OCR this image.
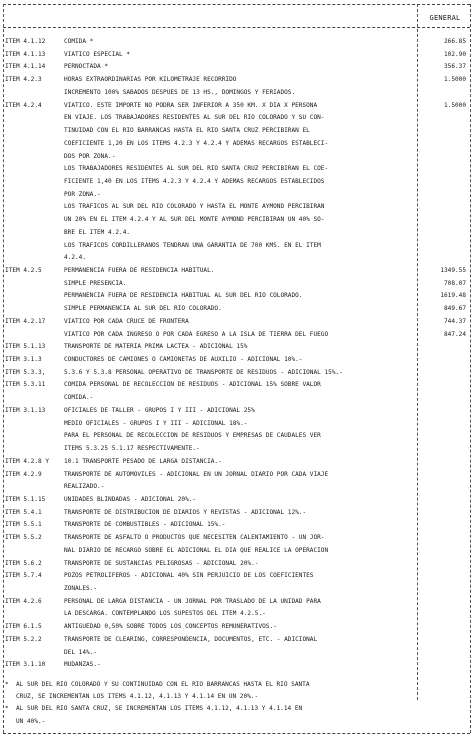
GENERAL
ITEM 4.1.12	COMIDA *	266.85
ITEM 4.1.13	VIATICO ESPECIAL *	102.90
ITEM 4.1.14	PERNOCTADA *	356.37
ITEM 4.2.3	HORAS EXTRAORDINARIAS POR KILOMETRAJE RECORRIDO	1.5000
INCREMENTO 100% SABADOS DESPUES DE 13 HS., DOMINGOS Y FERIADOS.
ITEM 4.2.4	VIATICO. ESTE IMPORTE NO PODRA SER INFERIOR A 350 KM. X DIA X PERSONA	1.5000
EN VIAJE. LOS TRABAJADORES RESIDENTES AL SUR DEL RIO COLORADO Y SU CON-
TINUIDAD CON EL RIO BARRANCAS HASTA EL RIO SANTA CRUZ PERCIBIRAN EL
COEFICIENTE 1,20 EN LOS ITEMS 4.2.3 Y 4.2.4 Y ADEMAS RECARGOS ESTABLECI-
DOS POR ZONA.-
LOS TRABAJADORES RESIDENTES AL SUR DEL RIO SANTA CRUZ PERCIBIRAN EL COE-
FICIENTE 1,40 EN LOS ITEMS 4.2.3 Y 4.2.4 Y ADEMAS RECARGOS ESTABLECIDOS
POR ZONA.-
LOS TRAFICOS AL SUR DEL RIO COLORADO Y HASTA EL MONTE AYMOND PERCIBIRAN
UN 20% EN EL ITEM 4.2.4 Y AL SUR DEL MONTE AYMOND PERCIBIRAN UN 40% SO-
BRE EL ITEM 4.2.4.
LOS TRAFICOS CORDILLERANOS TENDRAN UNA GARANTIA DE 700 KMS. EN EL ITEM
4.2.4.
ITEM 4.2.5	PERMANENCIA FUERA DE RESIDENCIA HABITUAL.	1349.55
SIMPLE PRESENCIA.	708.07
PERMANENCIA FUERA DE RESIDENCIA HABITUAL AL SUR DEL RIO COLORADO.	1619.48
SIMPLE PERMANENCIA AL SUR DEL RIO COLORADO.	849.67
ITEM 4.2.17	VIATICO POR CADA CRUCE DE FRONTERA	744.37
VIATICO POR CADA INGRESO O POR CADA EGRESO A LA ISLA DE TIERRA DEL FUEGO	847.24
ITEM 5.1.13	TRANSPORTE DE MATERIA PRIMA LACTEA - ADICIONAL 15%
ITEM 3.1.3	CONDUCTORES DE CAMIONES O CAMIONETAS DE AUXILIO - ADICIONAL 10%.-
ITEM 5.3.3,	5.3.6 Y 5.3.8 PERSONAL OPERATIVO DE TRANSPORTE DE RESIDUOS - ADICIONAL 15%.-
ITEM 5.3.11	COMIDA PERSONAL DE RECOLECCION DE RESIDUOS - ADICIONAL 15% SOBRE VALOR
COMIDA.-
ITEM 3.1.13	OFICIALES DE TALLER - GRUPOS I Y III - ADICIONAL 25%
MEDIO OFICIALES - GRUPOS I Y III - ADICIONAL 18%.-
PARA EL PERSONAL DE RECOLECCION DE RESIDUOS Y EMPRESAS DE CAUDALES VER
ITEMS 5.3.25 5.1.17 RESPECTIVAMENTE.-
ITEM 4.2.8 Y 10.1 TRANSPORTE PESADO DE LARGA DISTANCIA.-
ITEM 4.2.9	TRANSPORTE DE AUTOMOVILES - ADICIONAL EN UN JORNAL DIARIO POR CADA VIAJE
REALIZADO.-
ITEM 5.1.15	UNIDADES BLINDADAS - ADICIONAL 20%.-
ITEM 5.4.1	TRANSPORTE DE DISTRIBUCION DE DIARIOS Y REVISTAS - ADICIONAL 12%.-
ITEM 5.5.1	TRANSPORTE DE COMBUSTIBLES - ADICIONAL 15%.-
ITEM 5.5.2	TRANSPORTE DE ASFALTO O PRODUCTOS QUE NECESITEN CALENTAMIENTO - UN JOR-
NAL DIARIO DE RECARGO SOBRE EL ADICIONAL EL DIA QUE REALICE LA OPERACION
ITEM 5.6.2	TRANSPORTE DE SUSTANCIAS PELIGROSAS - ADICIONAL 20%.-
ITEM 5.7.4	POZOS PETROLIFEROS - ADICIONAL 40% SIN PERJUICIO DE LOS COEFICIENTES
ZONALES.-
ITEM 4.2.6	PERSONAL DE LARGA DISTANCIA - UN JORNAL POR TRASLADO DE LA UNIDAD PARA
LA DESCARGA. CONTEMPLANDO LOS SUPESTOS DEL ITEM 4.2.5.-
ITEM 6.1.5	ANTIGUEDAD 0,50% SOBRE TODOS LOS CONCEPTOS REMUNERATIVOS.-
ITEM 5.2.2	TRANSPORTE DE CLEARING, CORRESPONDENCIA, DOCUMENTOS, ETC. - ADICIONAL
DEL 14%.-
ITEM 3.1.10	MUDANZAS.-
* AL SUR DEL RIO COLORADO Y SU CONTINUIDAD CON EL RIO BARRANCAS HASTA EL RIO SANTA
CRUZ, SE INCREMENTAN LOS ITEMS 4.1.12, 4.1.13 Y 4.1.14 EN UN 20%.-
* AL SUR DEL RIO SANTA CRUZ, SE INCREMENTAN LOS ITEMS 4.1.12, 4.1.13 Y 4.1.14 EN
UN 40%.-
